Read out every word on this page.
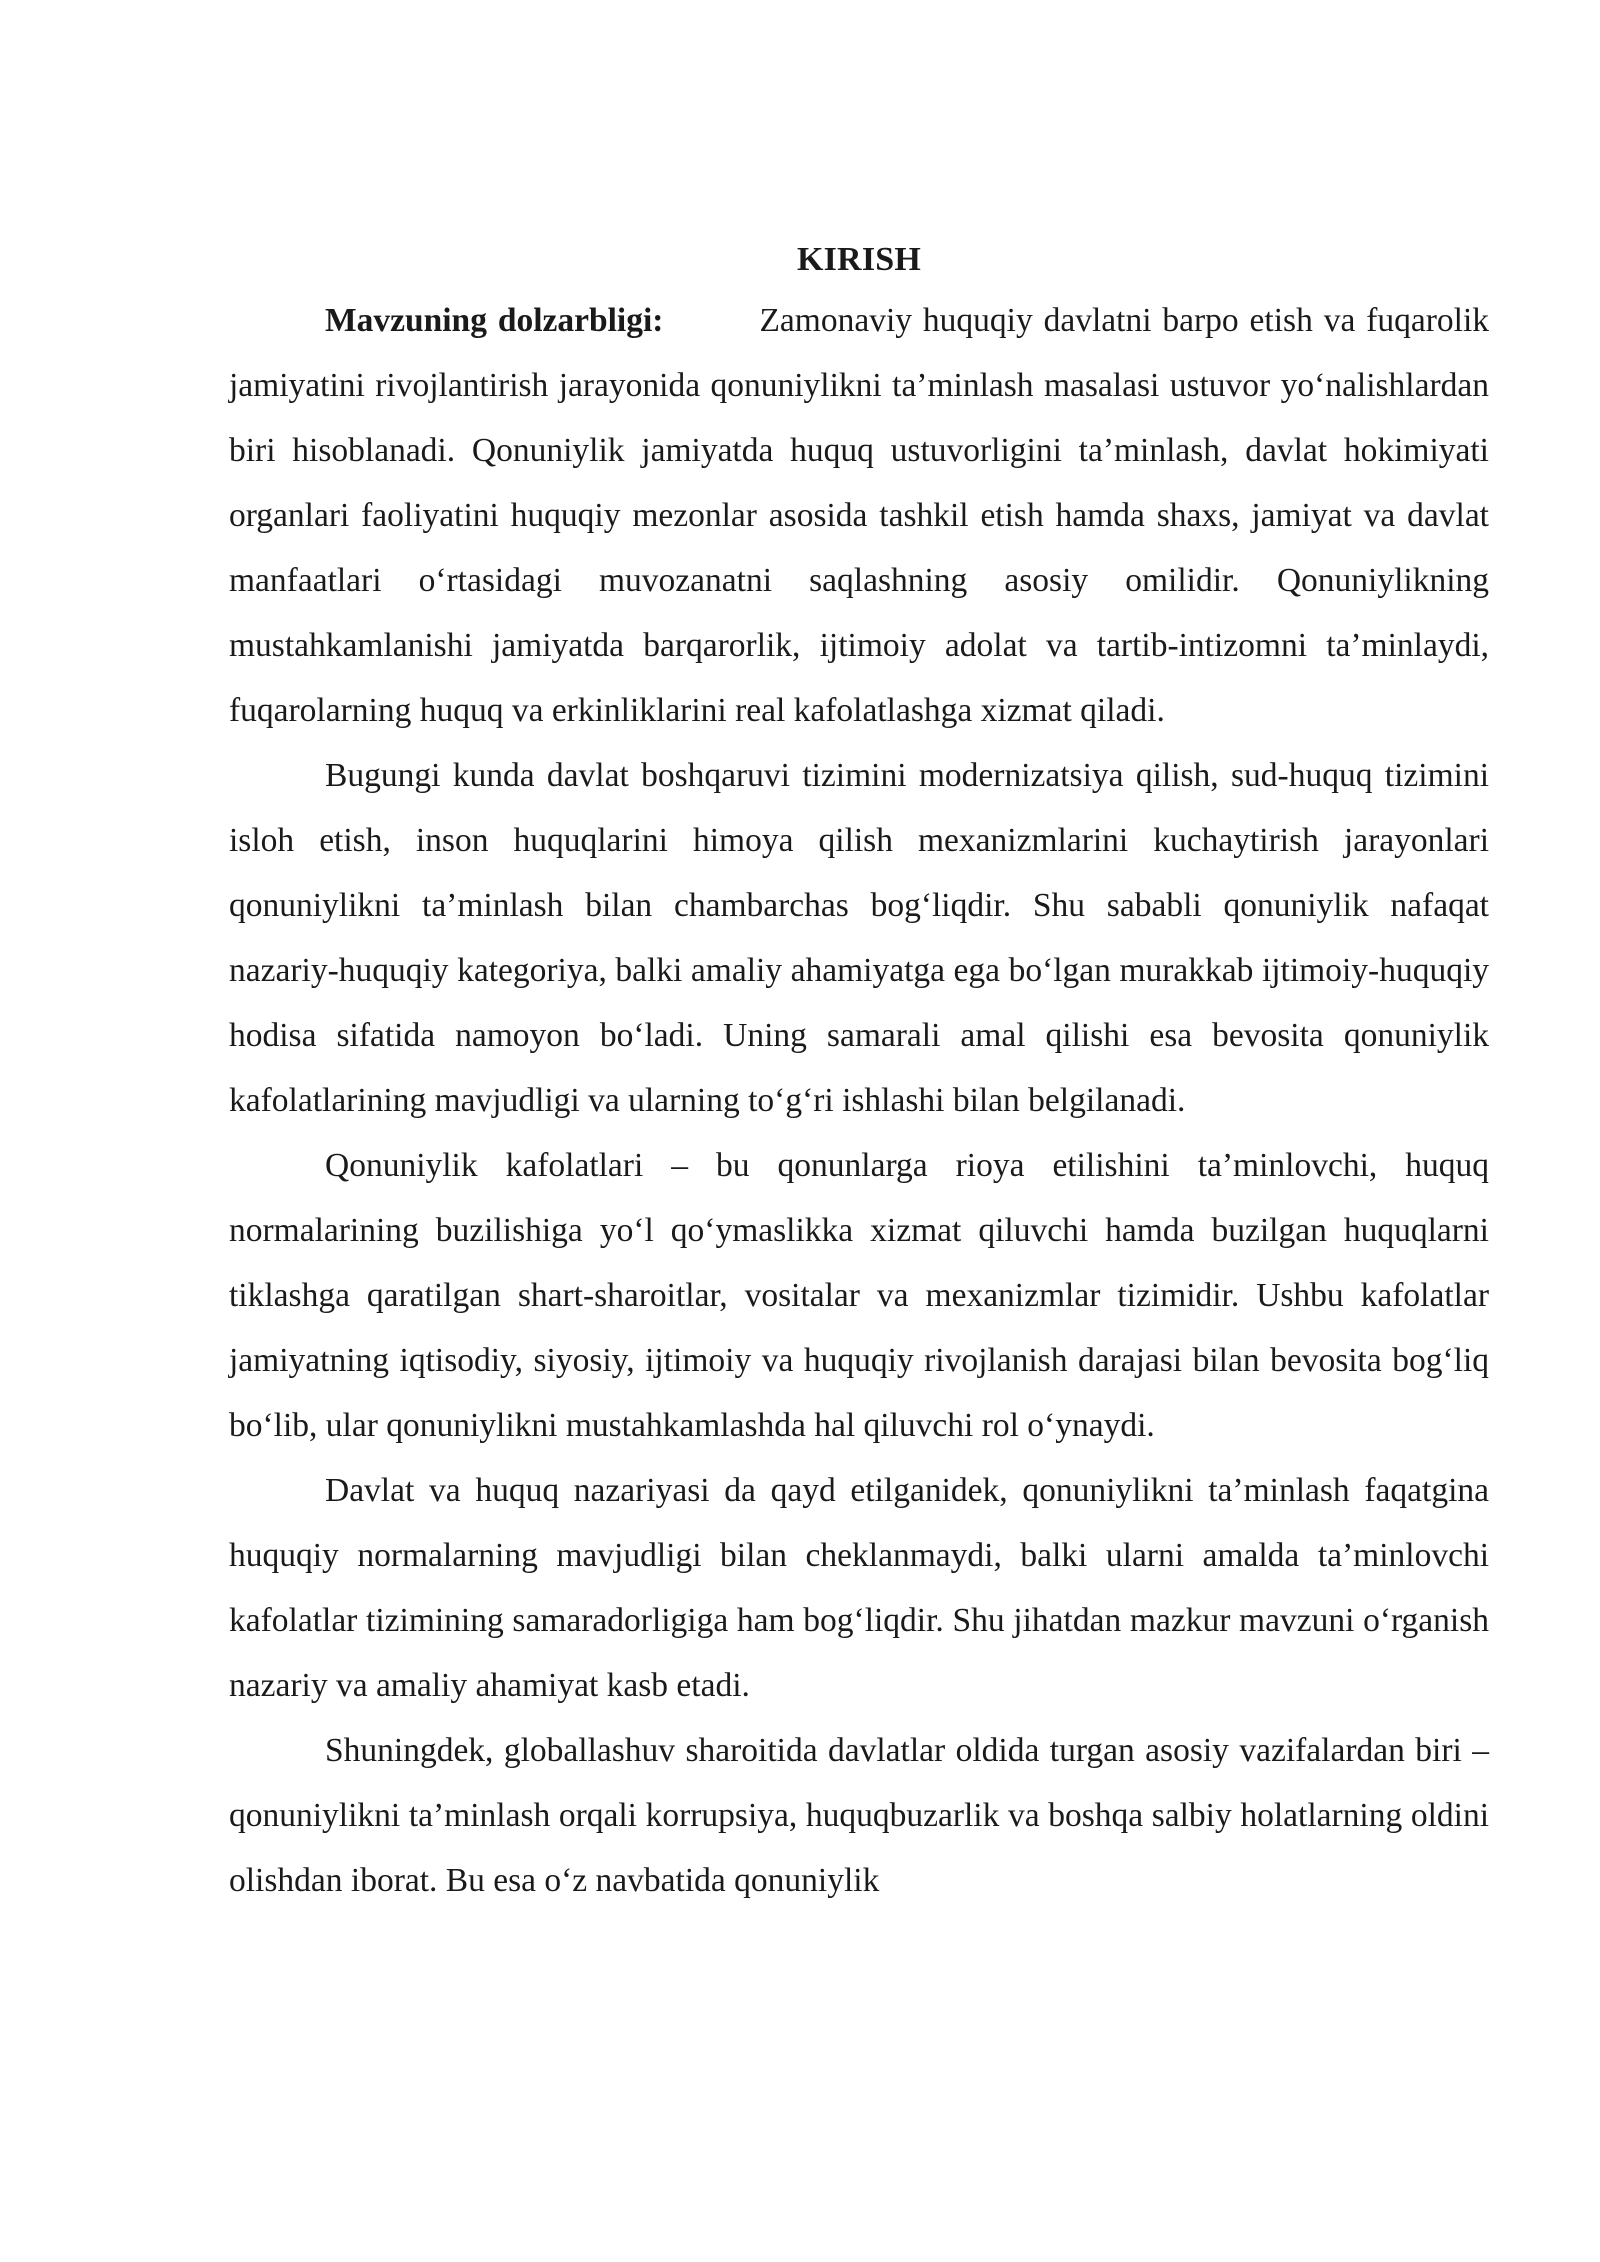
KIRISH

Mavzuning dolzarbligi:	Zamonaviy huquqiy davlatni barpo etish va fuqarolik jamiyatini rivojlantirish jarayonida qonuniylikni ta’minlash masalasi ustuvor yo‘nalishlardan biri hisoblanadi. Qonuniylik jamiyatda huquq ustuvorligini ta’minlash, davlat hokimiyati organlari faoliyatini huquqiy mezonlar asosida tashkil etish hamda shaxs, jamiyat va davlat manfaatlari o‘rtasidagi muvozanatni saqlashning asosiy omilidir. Qonuniylikning mustahkamlanishi jamiyatda barqarorlik, ijtimoiy adolat va tartib-intizomni ta’minlaydi, fuqarolarning huquq va erkinliklarini real kafolatlashga xizmat qiladi.

Bugungi kunda davlat boshqaruvi tizimini modernizatsiya qilish, sud-huquq tizimini isloh etish, inson huquqlarini himoya qilish mexanizmlarini kuchaytirish jarayonlari qonuniylikni ta’minlash bilan chambarchas bog‘liqdir. Shu sababli qonuniylik nafaqat nazariy-huquqiy kategoriya, balki amaliy ahamiyatga ega bo‘lgan murakkab ijtimoiy-huquqiy hodisa sifatida namoyon bo‘ladi. Uning samarali amal qilishi esa bevosita qonuniylik kafolatlarining mavjudligi va ularning to‘g‘ri ishlashi bilan belgilanadi.

Qonuniylik kafolatlari – bu qonunlarga rioya etilishini ta’minlovchi, huquq normalarining buzilishiga yo‘l qo‘ymaslikka xizmat qiluvchi hamda buzilgan huquqlarni tiklashga qaratilgan shart-sharoitlar, vositalar va mexanizmlar tizimidir. Ushbu kafolatlar jamiyatning iqtisodiy, siyosiy, ijtimoiy va huquqiy rivojlanish darajasi bilan bevosita bog‘liq bo‘lib, ular qonuniylikni mustahkamlashda hal qiluvchi rol o‘ynaydi.

Davlat va huquq nazariyasi da qayd etilganidek, qonuniylikni ta’minlash faqatgina huquqiy normalarning mavjudligi bilan cheklanmaydi, balki ularni amalda ta’minlovchi kafolatlar tizimining samaradorligiga ham bog‘liqdir. Shu jihatdan mazkur mavzuni o‘rganish nazariy va amaliy ahamiyat kasb etadi.

Shuningdek, globallashuv sharoitida davlatlar oldida turgan asosiy vazifalardan biri – qonuniylikni ta’minlash orqali korrupsiya, huquqbuzarlik va boshqa salbiy holatlarning oldini olishdan iborat. Bu esa o‘z navbatida qonuniylik
